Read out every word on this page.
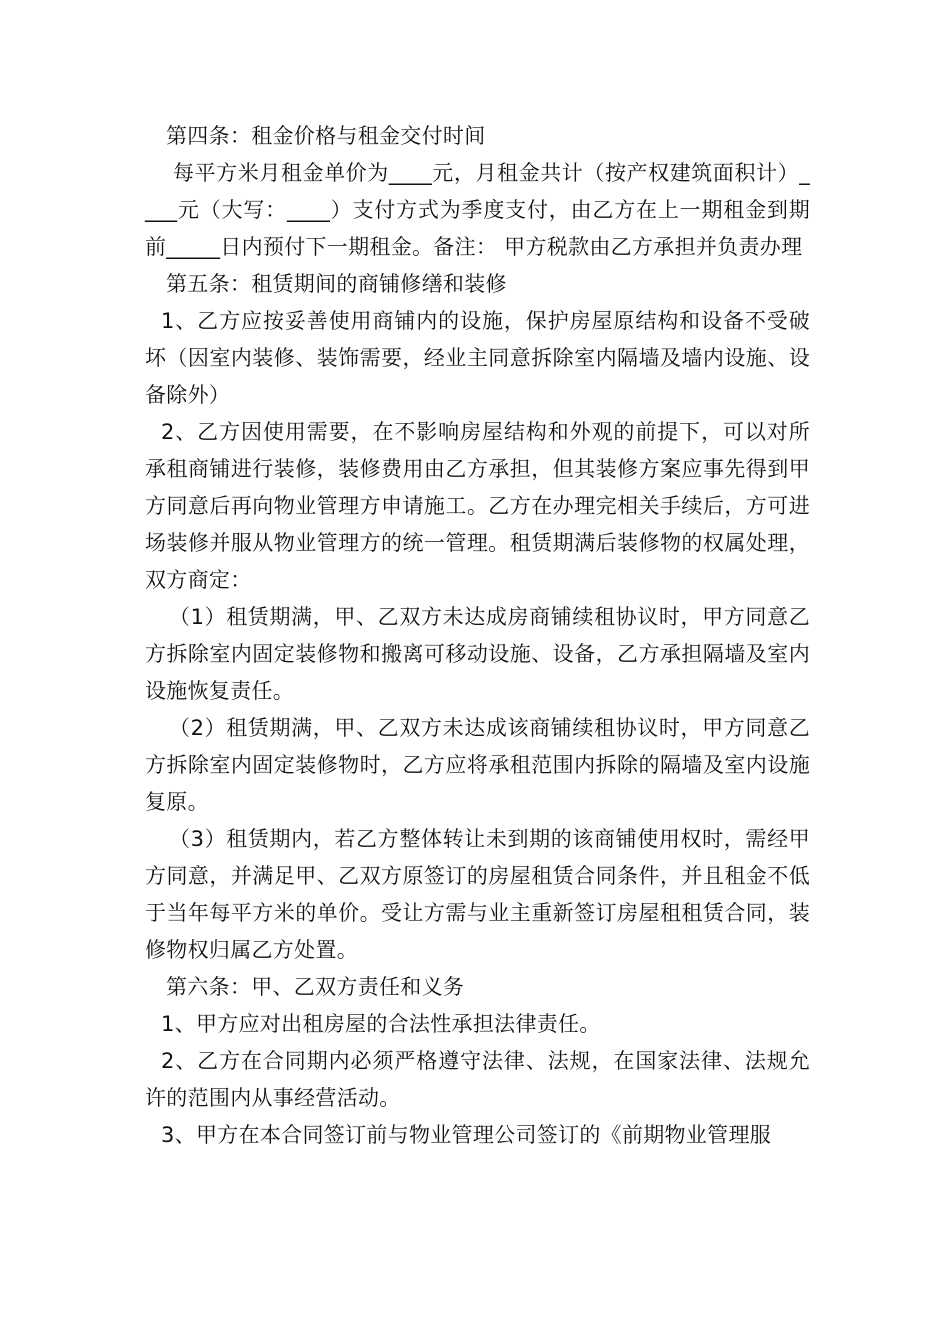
第四条：租金价格与租金交付时间

每平方米月租金单价为____元，月租金共计（按产权建筑面积计）____元（大写：____）支付方式为季度支付，由乙方在上一期租金到期前_____日内预付下一期租金。备注： 甲方税款由乙方承担并负责办理

第五条：租赁期间的商铺修缮和装修

1、乙方应按妥善使用商铺内的设施，保护房屋原结构和设备不受破坏（因室内装修、装饰需要，经业主同意拆除室内隔墙及墙内设施、设备除外）

2、乙方因使用需要，在不影响房屋结构和外观的前提下，可以对所承租商铺进行装修，装修费用由乙方承担，但其装修方案应事先得到甲方同意后再向物业管理方申请施工。乙方在办理完相关手续后，方可进场装修并服从物业管理方的统一管理。租赁期满后装修物的权属处理，双方商定：

（1）租赁期满，甲、乙双方未达成房商铺续租协议时，甲方同意乙方拆除室内固定装修物和搬离可移动设施、设备，乙方承担隔墙及室内设施恢复责任。

（2）租赁期满，甲、乙双方未达成该商铺续租协议时，甲方同意乙方拆除室内固定装修物时，乙方应将承租范围内拆除的隔墙及室内设施复原。

（3）租赁期内，若乙方整体转让未到期的该商铺使用权时，需经甲方同意，并满足甲、乙双方原签订的房屋租赁合同条件，并且租金不低于当年每平方米的单价。受让方需与业主重新签订房屋租租赁合同，装修物权归属乙方处置。

第六条：甲、乙双方责任和义务

1、甲方应对出租房屋的合法性承担法律责任。

2、乙方在合同期内必须严格遵守法律、法规，在国家法律、法规允许的范围内从事经营活动。

3、甲方在本合同签订前与物业管理公司签订的《前期物业管理服
